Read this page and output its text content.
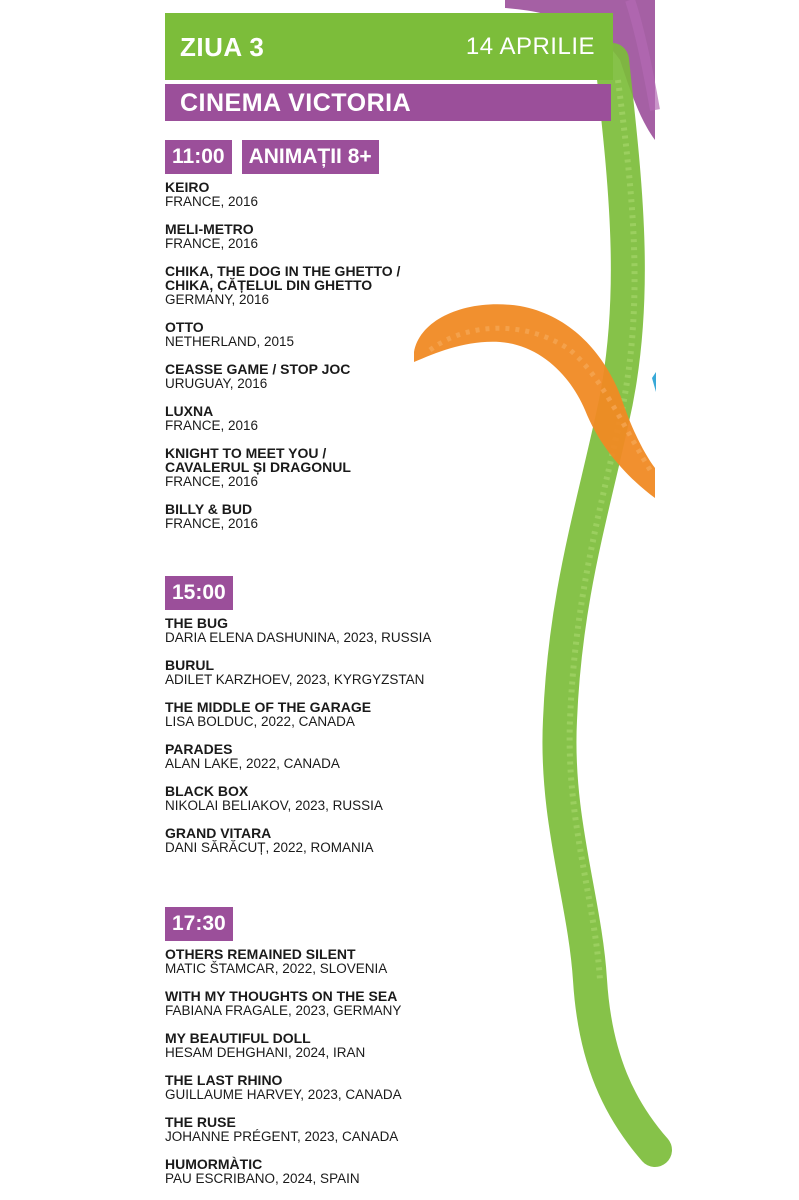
ZIUA 3	14 APRILIE
CINEMA VICTORIA
11:00 ANIMAȚII 8+
KEIRO
FRANCE, 2016
MELI-METRO
FRANCE, 2016
CHIKA, THE DOG IN THE GHETTO /
CHIKA, CĂȚELUL DIN GHETTO
GERMANY, 2016
OTTO
NETHERLAND, 2015
CEASSE GAME / STOP JOC
URUGUAY, 2016
LUXNA
FRANCE, 2016
KNIGHT TO MEET YOU /
CAVALERUL ȘI DRAGONUL
FRANCE, 2016
BILLY & BUD
FRANCE, 2016
15:00
THE BUG
DARIA ELENA DASHUNINA, 2023, RUSSIA
BURUL
ADILET KARZHOEV, 2023, KYRGYZSTAN
THE MIDDLE OF THE GARAGE
LISA BOLDUC, 2022, CANADA
PARADES
ALAN LAKE, 2022, CANADA
BLACK BOX
NIKOLAI BELIAKOV, 2023, RUSSIA
GRAND VITARA
DANI SĂRĂCUȚ, 2022, ROMANIA
17:30
OTHERS REMAINED SILENT
MATIC ŠTAMCAR, 2022, SLOVENIA
WITH MY THOUGHTS ON THE SEA
FABIANA FRAGALE, 2023, GERMANY
MY BEAUTIFUL DOLL
HESAM DEHGHANI, 2024, IRAN
THE LAST RHINO
GUILLAUME HARVEY, 2023, CANADA
THE RUSE
JOHANNE PRÉGENT, 2023, CANADA
HUMORMÀTIC
PAU ESCRIBANO, 2024, SPAIN
